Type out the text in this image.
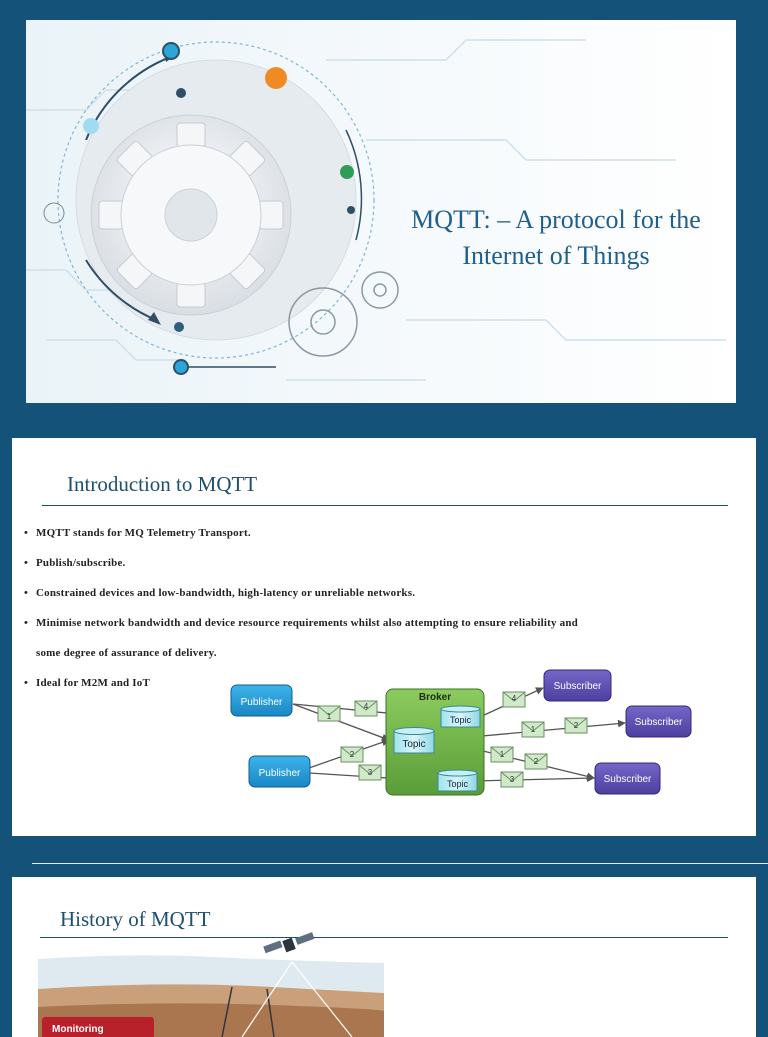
MQTT: – A protocol for the
Internet of Things
Introduction to MQTT
• MQTT stands for MQ Telemetry Transport.
• Publish/subscribe.
• Constrained devices and low-bandwidth, high-latency or unreliable networks.
• Minimise network bandwidth and device resource requirements whilst also attempting to ensure reliability and
some degree of assurance of delivery.
• Ideal for M2M and IoT
1
4
2
3
4
1	2
1
2
3
Broker
Topic
Topic
Topic
Publisher
Publisher
Subscriber
Subscriber
Subscriber
History of MQTT
Monitoring
